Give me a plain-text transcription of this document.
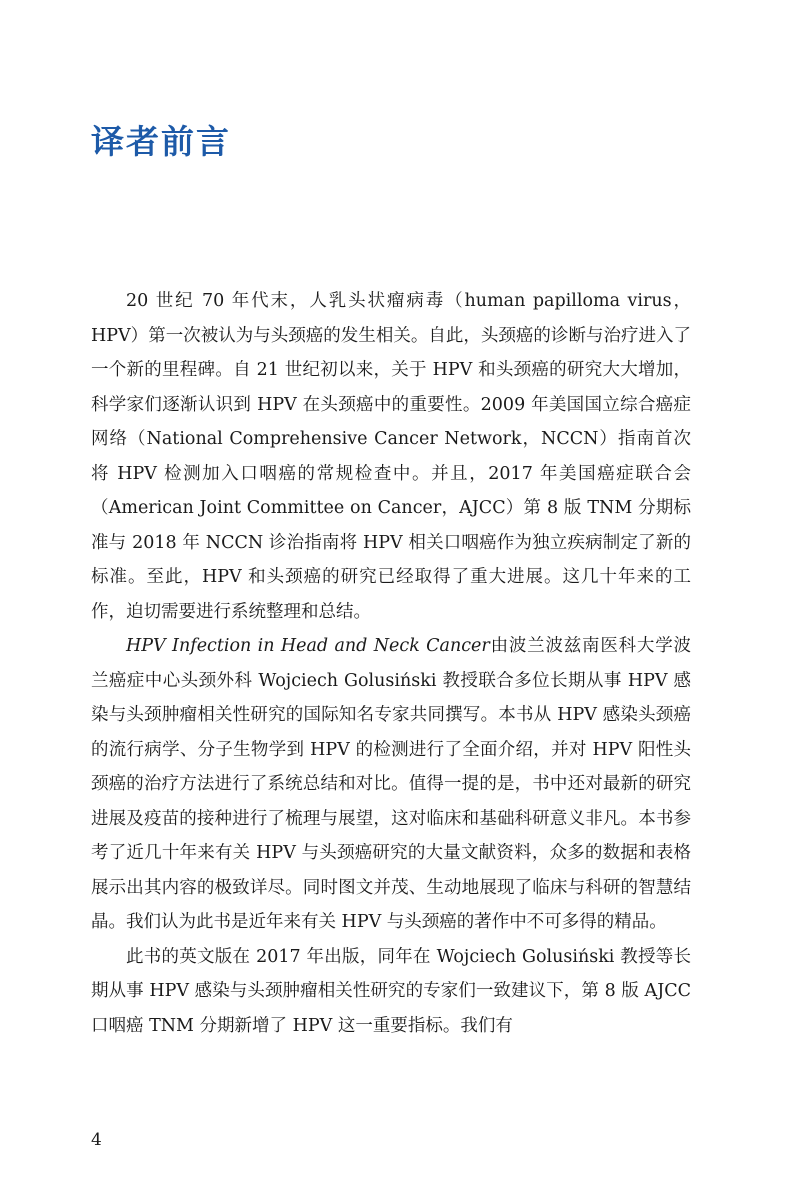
译者前言

20 世纪 70 年代末，人乳头状瘤病毒（human papilloma virus，HPV）第一次被认为与头颈癌的发生相关。自此，头颈癌的诊断与治疗进入了一个新的里程碑。自 21 世纪初以来，关于 HPV 和头颈癌的研究大大增加，科学家们逐渐认识到 HPV 在头颈癌中的重要性。2009 年美国国立综合癌症网络（National Comprehensive Cancer Network，NCCN）指南首次将 HPV 检测加入口咽癌的常规检查中。并且，2017 年美国癌症联合会（American Joint Committee on Cancer，AJCC）第 8 版 TNM 分期标准与 2018 年 NCCN 诊治指南将 HPV 相关口咽癌作为独立疾病制定了新的标准。至此，HPV 和头颈癌的研究已经取得了重大进展。这几十年来的工作，迫切需要进行系统整理和总结。

HPV Infection in Head and Neck Cancer由波兰波兹南医科大学波兰癌症中心头颈外科 Wojciech Golusiński 教授联合多位长期从事 HPV 感染与头颈肿瘤相关性研究的国际知名专家共同撰写。本书从 HPV 感染头颈癌的流行病学、分子生物学到 HPV 的检测进行了全面介绍，并对 HPV 阳性头颈癌的治疗方法进行了系统总结和对比。值得一提的是，书中还对最新的研究进展及疫苗的接种进行了梳理与展望，这对临床和基础科研意义非凡。本书参考了近几十年来有关 HPV 与头颈癌研究的大量文献资料，众多的数据和表格展示出其内容的极致详尽。同时图文并茂、生动地展现了临床与科研的智慧结晶。我们认为此书是近年来有关 HPV 与头颈癌的著作中不可多得的精品。

此书的英文版在 2017 年出版，同年在 Wojciech Golusiński 教授等长期从事 HPV 感染与头颈肿瘤相关性研究的专家们一致建议下，第 8 版 AJCC 口咽癌 TNM 分期新增了 HPV 这一重要指标。我们有

4
